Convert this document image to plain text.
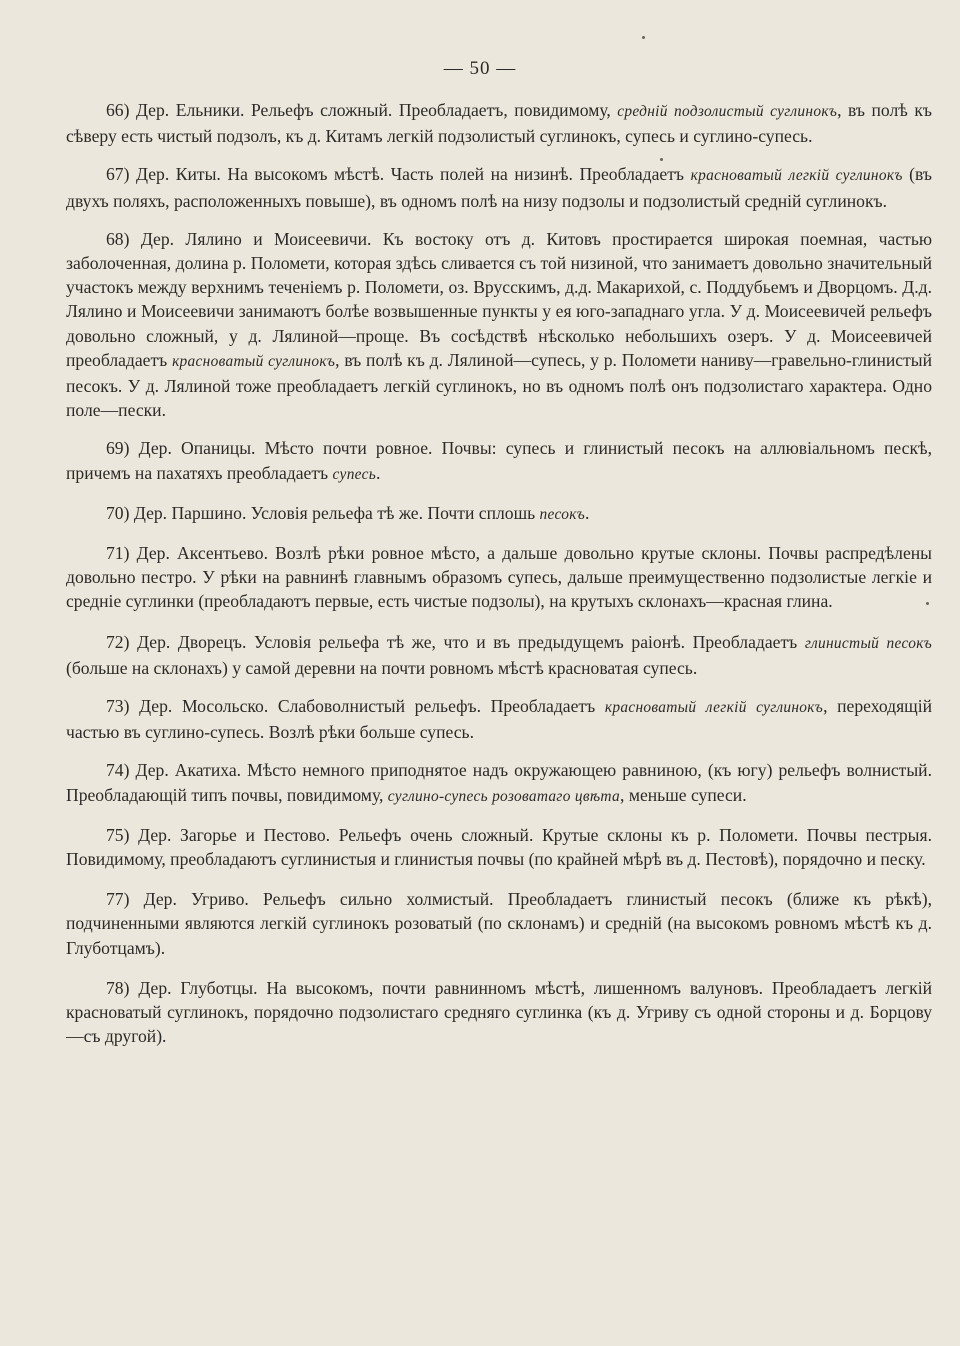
— 50 —

66) Дер. Ельники. Рельефъ сложный. Преобладаетъ, повидимому, среднiй подзолистый суглинокъ, въ полѣ къ сѣверу есть чистый подзолъ, къ д. Китамъ легкiй подзолистый суглинокъ, супесь и суглино-супесь.

67) Дер. Киты. На высокомъ мѣстѣ. Часть полей на низинѣ. Преобладаетъ красноватый легкiй суглинокъ (въ двухъ поляхъ, расположенныхъ повыше), въ одномъ полѣ на низу подзолы и подзолистый среднiй суглинокъ.

68) Дер. Лялино и Моисеевичи. Къ востоку отъ д. Китовъ простирается широкая поемная, частью заболоченная, долина р. Поломети, которая здѣсь сливается съ той низиной, что занимаетъ довольно значительный участокъ между верхнимъ теченiемъ р. Поломети, оз. Врусскимъ, д.д. Макарихой, с. Поддубьемъ и Дворцомъ. Д.д. Лялино и Моисеевичи занимаютъ болѣе возвышенные пункты у ея юго-западнаго угла. У д. Моисеевичей рельефъ довольно сложный, у д. Лялиной—проще. Въ сосѣдствѣ нѣсколько небольшихъ озеръ. У д. Моисеевичей преобладаетъ красноватый суглинокъ, въ полѣ къ д. Лялиной—супесь, у р. Поломети наниву—гравельно-глинистый песокъ. У д. Лялиной тоже преобладаетъ легкiй суглинокъ, но въ одномъ полѣ онъ подзолистаго характера. Одно поле—пески.

69) Дер. Опаницы. Мѣсто почти ровное. Почвы: супесь и глинистый песокъ на аллювiальномъ пескѣ, причемъ на пахатяхъ преобладаетъ супесь.

70) Дер. Паршино. Условiя рельефа тѣ же. Почти сплошь песокъ.

71) Дер. Аксентьево. Возлѣ рѣки ровное мѣсто, а дальше довольно крутые склоны. Почвы распредѣлены довольно пестро. У рѣки на равнинѣ главнымъ образомъ супесь, дальше преимущественно подзолистые легкiе и среднiе суглинки (преобладаютъ первые, есть чистые подзолы), на крутыхъ склонахъ—красная глина.

72) Дер. Дворецъ. Условiя рельефа тѣ же, что и въ предыдущемъ раiонѣ. Преобладаетъ глинистый песокъ (больше на склонахъ) у самой деревни на почти ровномъ мѣстѣ красноватая супесь.

73) Дер. Мосольско. Слабоволнистый рельефъ. Преобладаетъ красноватый легкiй суглинокъ, переходящiй частью въ суглино-супесь. Возлѣ рѣки больше супесь.

74) Дер. Акатиха. Мѣсто немного приподнятое надъ окружающею равниною, (къ югу) рельефъ волнистый. Преобладающiй типъ почвы, повидимому, суглино-супесь розоватаго цвѣта, меньше супеси.

75) Дер. Загорье и Пестово. Рельефъ очень сложный. Крутые склоны къ р. Поломети. Почвы пестрыя. Повидимому, преобладаютъ суглинистыя и глинистыя почвы (по крайней мѣрѣ въ д. Пестовѣ), порядочно и песку.

77) Дер. Угриво. Рельефъ сильно холмистый. Преобладаетъ глинистый песокъ (ближе къ рѣкѣ), подчиненными являются легкiй суглинокъ розоватый (по склонамъ) и среднiй (на высокомъ ровномъ мѣстѣ къ д. Глуботцамъ).

78) Дер. Глуботцы. На высокомъ, почти равнинномъ мѣстѣ, лишенномъ валуновъ. Преобладаетъ легкiй красноватый суглинокъ, порядочно подзолистаго средняго суглинка (къ д. Угриву съ одной стороны и д. Борцову—съ другой).
